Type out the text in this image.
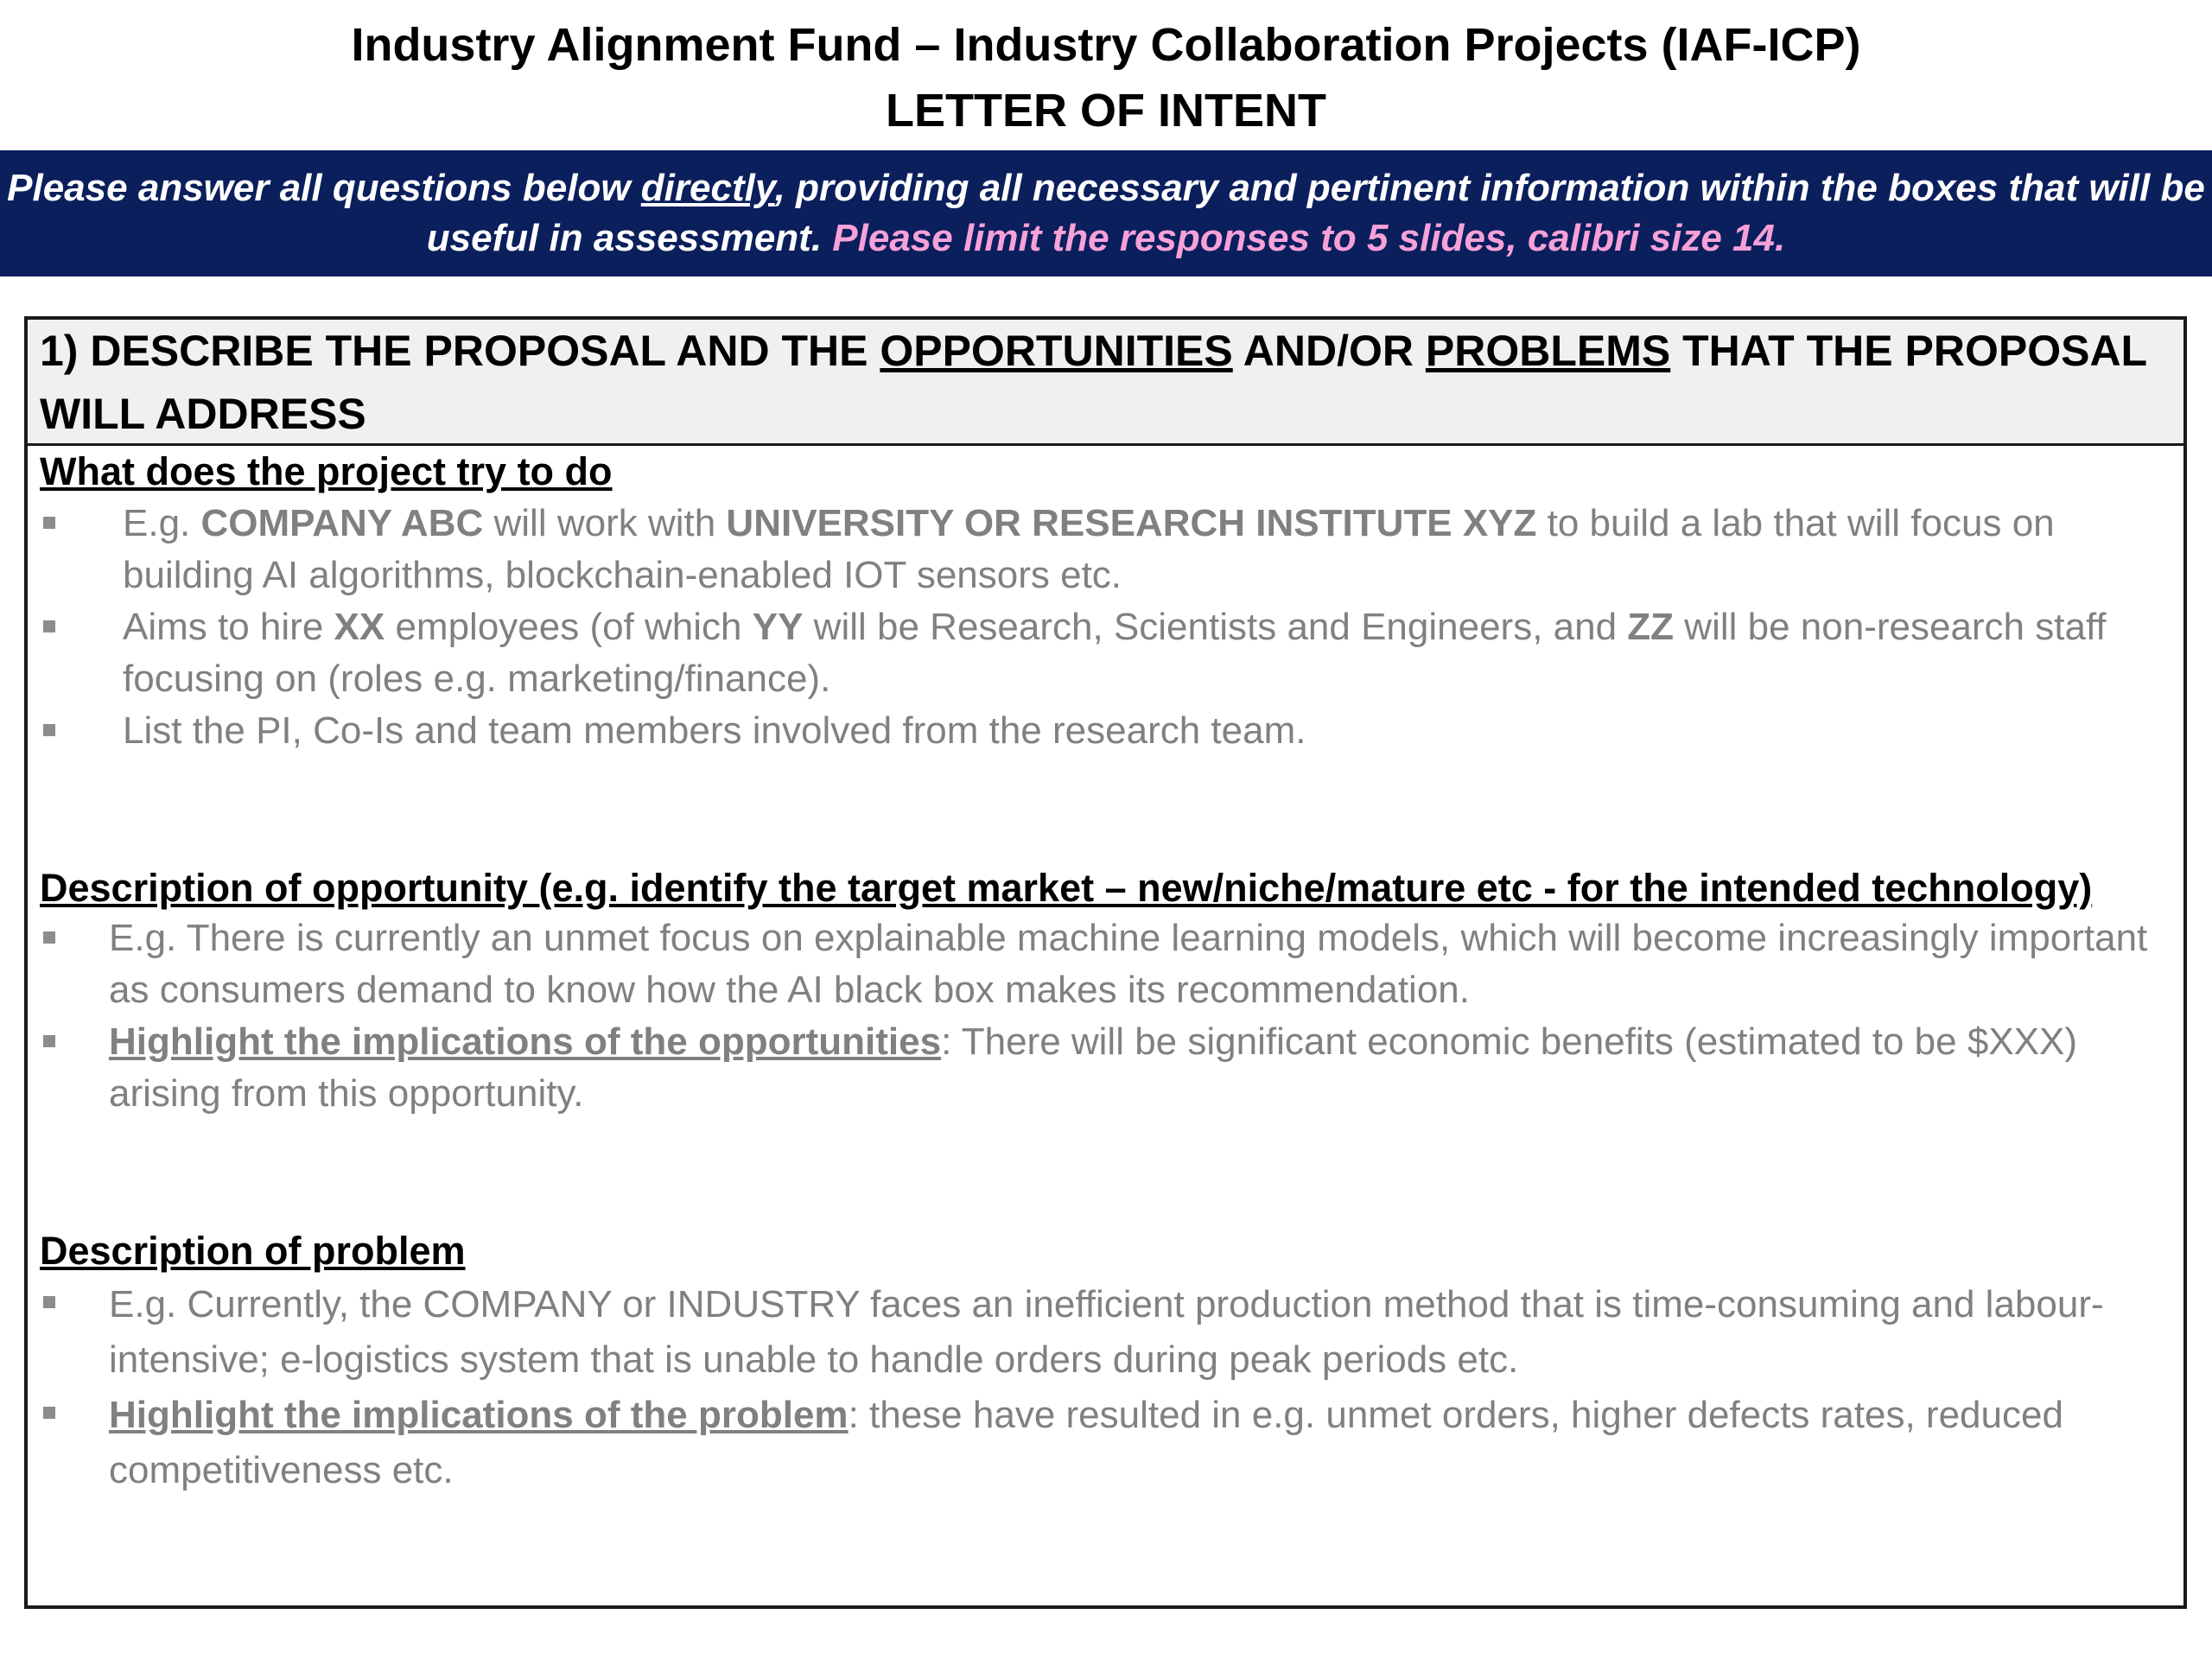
Industry Alignment Fund – Industry Collaboration Projects (IAF-ICP)
LETTER OF INTENT
Please answer all questions below directly, providing all necessary and pertinent information within the boxes that will be useful in assessment. Please limit the responses to 5 slides, calibri size 14.
1) DESCRIBE THE PROPOSAL AND THE OPPORTUNITIES AND/OR PROBLEMS THAT THE PROPOSAL WILL ADDRESS
What does the project try to do
E.g. COMPANY ABC will work with UNIVERSITY OR RESEARCH INSTITUTE XYZ to build a lab that will focus on building AI algorithms, blockchain-enabled IOT sensors etc.
Aims to hire XX employees (of which YY will be Research, Scientists and Engineers, and ZZ will be non-research staff focusing on (roles e.g. marketing/finance).
List the PI, Co-Is and team members involved from the research team.
Description of opportunity (e.g. identify the target market – new/niche/mature etc - for the intended technology)
E.g. There is currently an unmet focus on explainable machine learning models, which will become increasingly important as consumers demand to know how the AI black box makes its recommendation.
Highlight the implications of the opportunities: There will be significant economic benefits (estimated to be $XXX) arising from this opportunity.
Description of problem
E.g. Currently, the COMPANY or INDUSTRY faces an inefficient production method that is time-consuming and labour-intensive; e-logistics system that is unable to handle orders during peak periods etc.
Highlight the implications of the problem: these have resulted in e.g. unmet orders, higher defects rates, reduced competitiveness etc.
